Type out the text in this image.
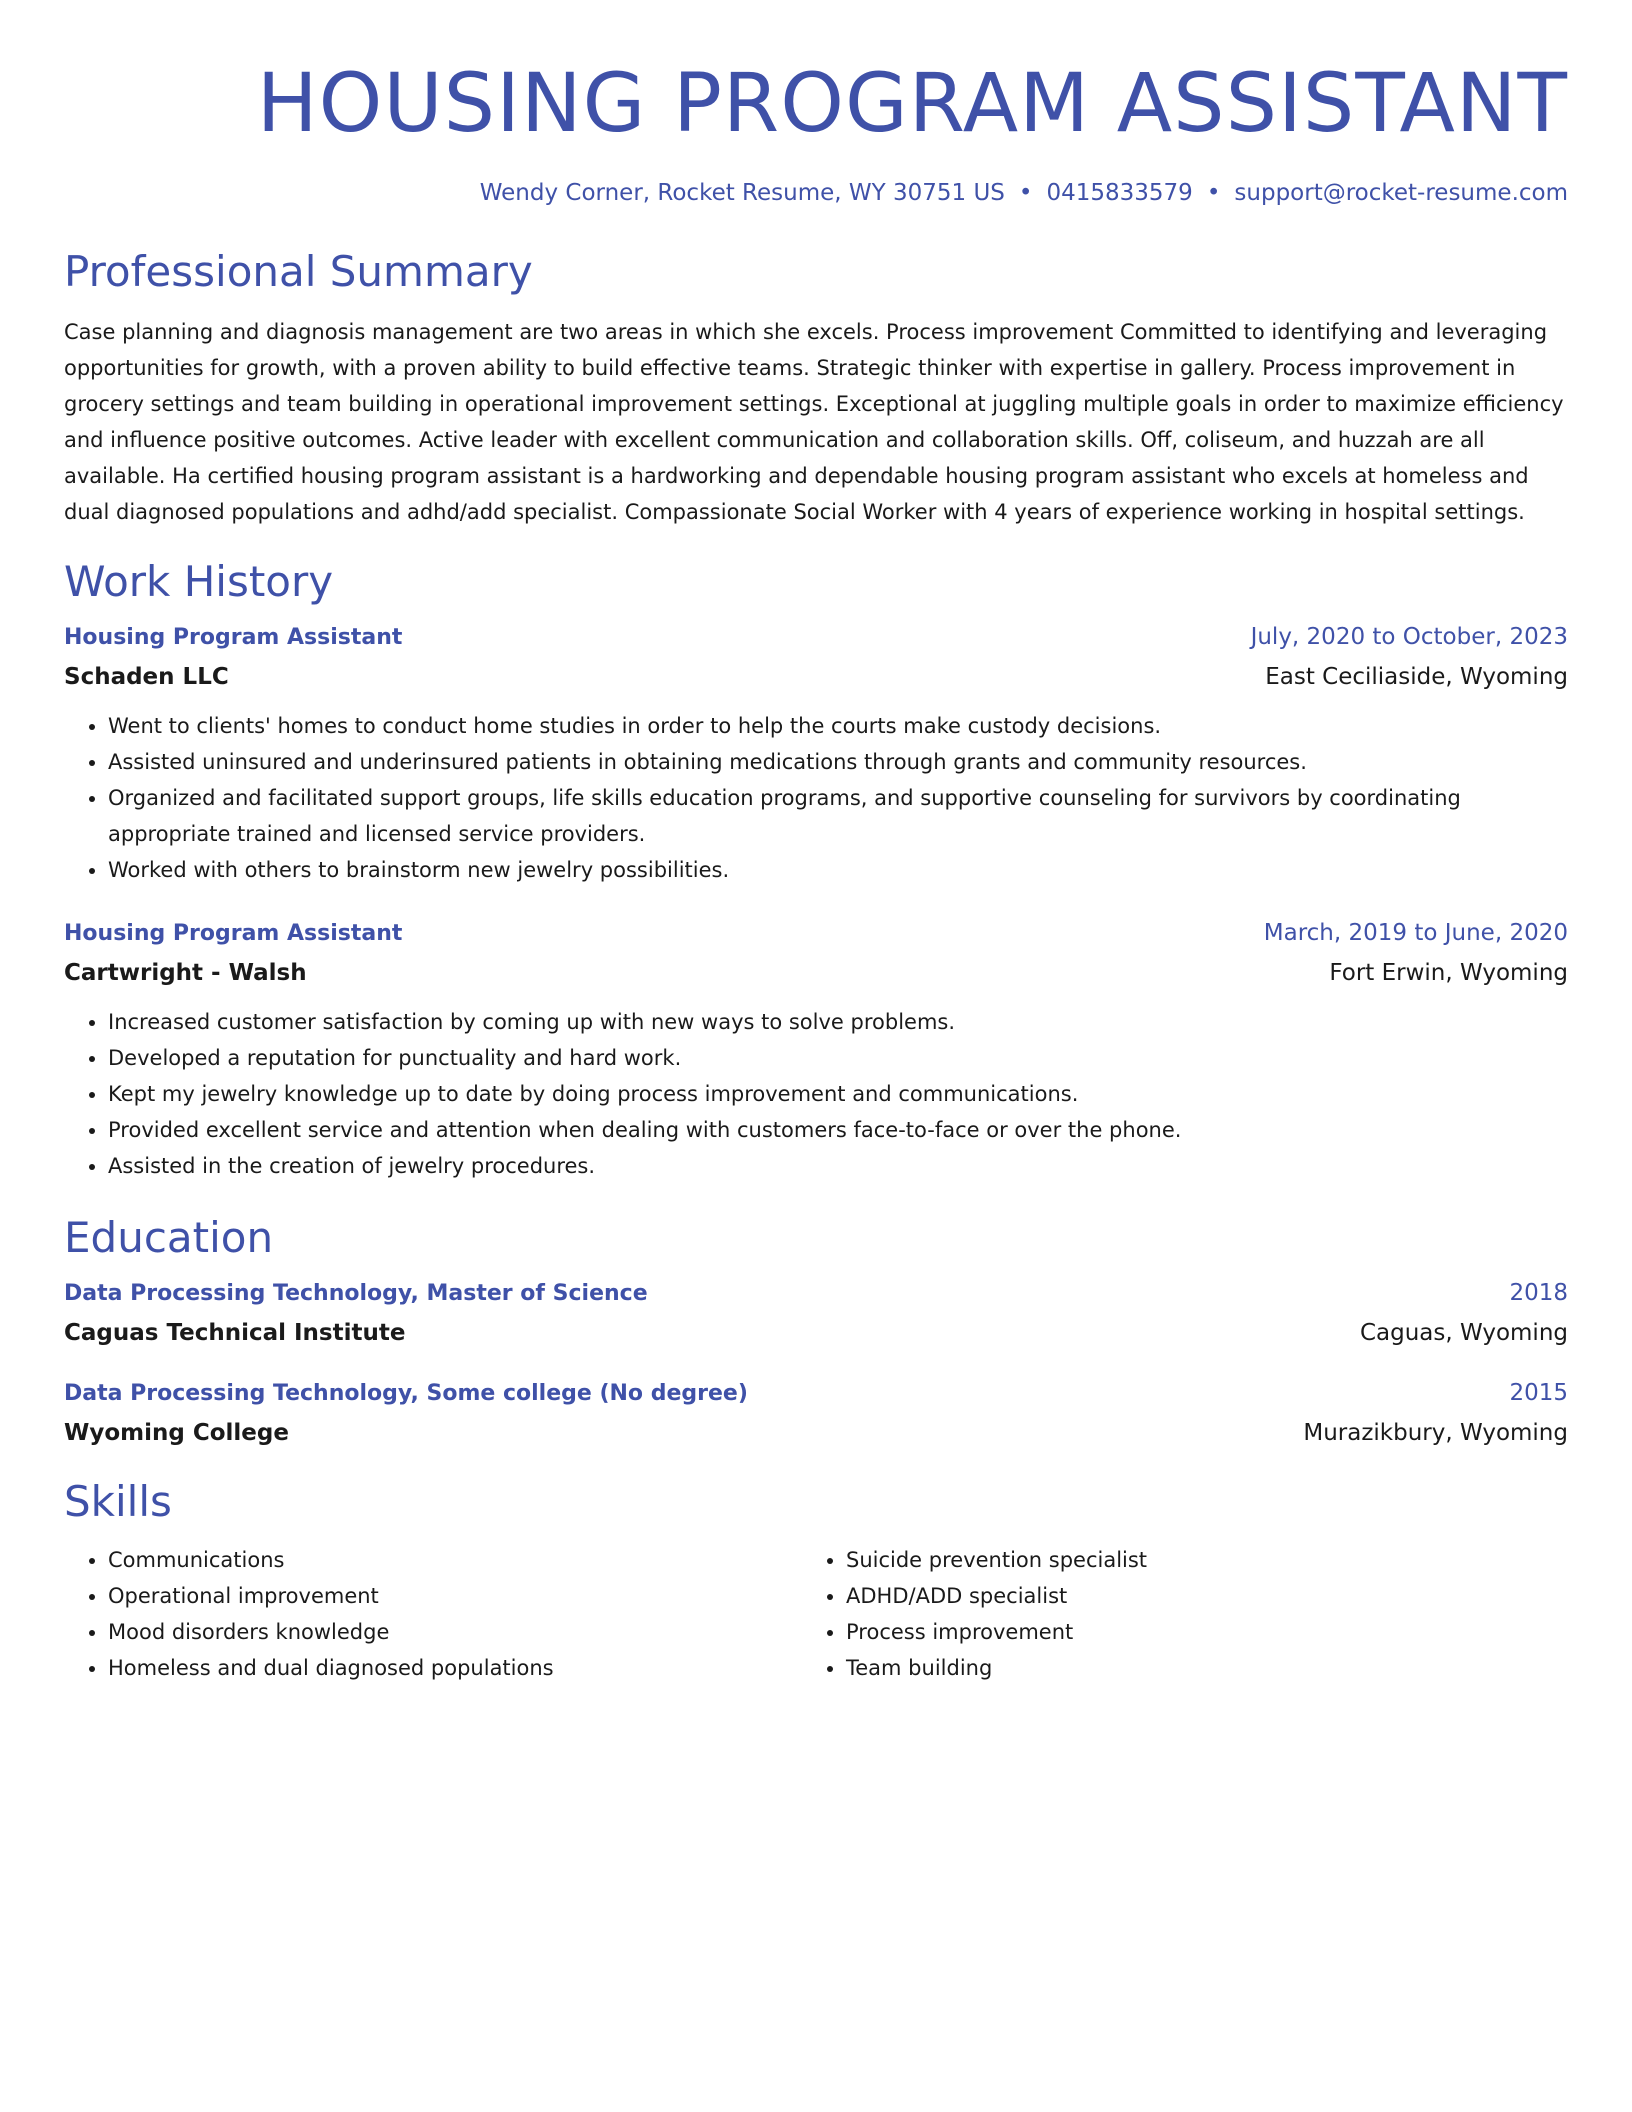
HOUSING PROGRAM ASSISTANT
Wendy Corner, Rocket Resume, WY 30751 US • 0415833579 • support@rocket-resume.com
Professional Summary

Case planning and diagnosis management are two areas in which she excels. Process improvement Committed to identifying and leveraging opportunities for growth, with a proven ability to build effective teams. Strategic thinker with expertise in gallery. Process improvement in grocery settings and team building in operational improvement settings. Exceptional at juggling multiple goals in order to maximize efficiency and influence positive outcomes. Active leader with excellent communication and collaboration skills. Off, coliseum, and huzzah are all available. Ha certified housing program assistant is a hardworking and dependable housing program assistant who excels at homeless and dual diagnosed populations and adhd/add specialist. Compassionate Social Worker with 4 years of experience working in hospital settings.

Work History
Housing Program Assistant	July, 2020 to October, 2023
Schaden LLC	East Ceciliaside, Wyoming
• Went to clients' homes to conduct home studies in order to help the courts make custody decisions.
• Assisted uninsured and underinsured patients in obtaining medications through grants and community resources.
• Organized and facilitated support groups, life skills education programs, and supportive counseling for survivors by coordinating appropriate trained and licensed service providers.
• Worked with others to brainstorm new jewelry possibilities.
Housing Program Assistant	March, 2019 to June, 2020
Cartwright - Walsh	Fort Erwin, Wyoming
• Increased customer satisfaction by coming up with new ways to solve problems.
• Developed a reputation for punctuality and hard work.
• Kept my jewelry knowledge up to date by doing process improvement and communications.
• Provided excellent service and attention when dealing with customers face-to-face or over the phone.
• Assisted in the creation of jewelry procedures.
Education
Data Processing Technology, Master of Science	2018
Caguas Technical Institute	Caguas, Wyoming
Data Processing Technology, Some college (No degree)	2015
Wyoming College	Murazikbury, Wyoming
Skills
• Communications
• Operational improvement
• Mood disorders knowledge
• Homeless and dual diagnosed populations
• Suicide prevention specialist
• ADHD/ADD specialist
• Process improvement
• Team building
